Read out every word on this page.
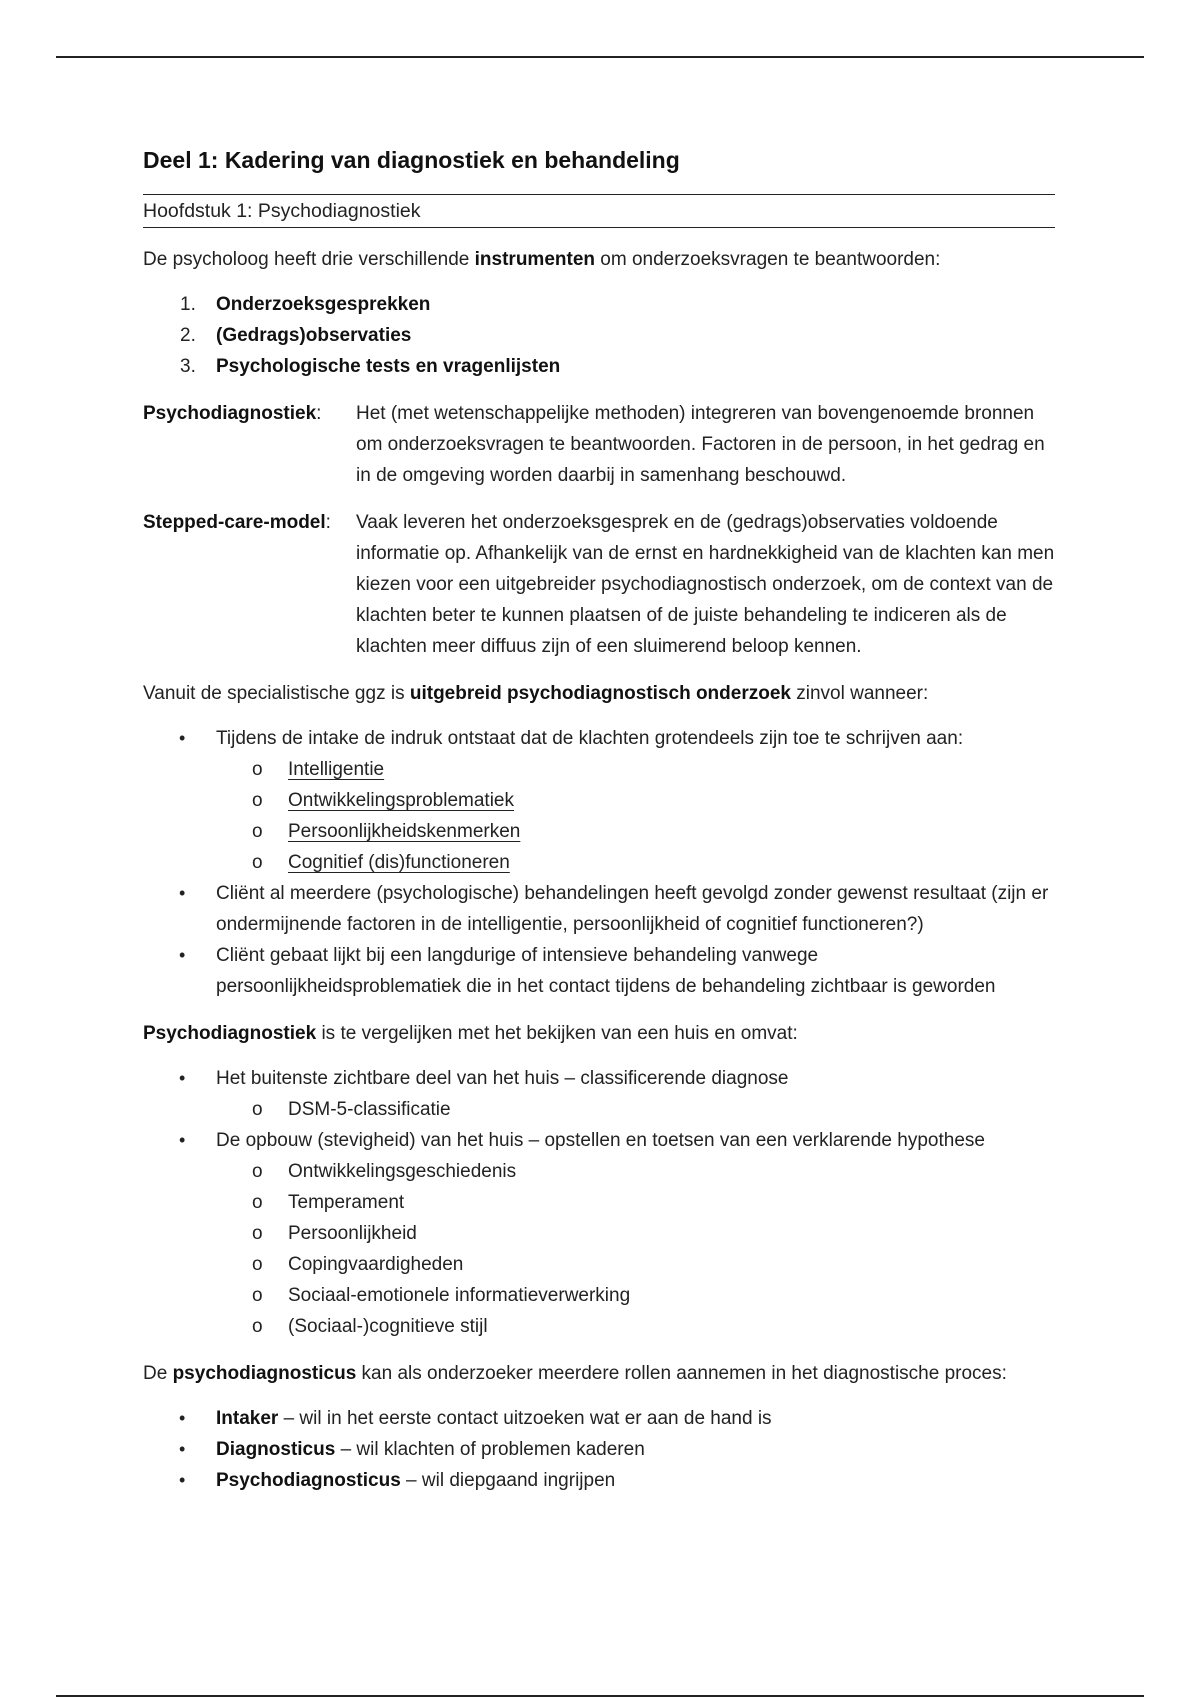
Deel 1: Kadering van diagnostiek en behandeling
Hoofdstuk 1: Psychodiagnostiek

De psycholoog heeft drie verschillende instrumenten om onderzoeksvragen te beantwoorden:

1. Onderzoeksgesprekken
2. (Gedrags)observaties
3. Psychologische tests en vragenlijsten
Psychodiagnostiek:	Het (met wetenschappelijke methoden) integreren van bovengenoemde bronnen om onderzoeksvragen te beantwoorden. Factoren in de persoon, in het gedrag en in de omgeving worden daarbij in samenhang beschouwd.
Stepped-care-model:	Vaak leveren het onderzoeksgesprek en de (gedrags)observaties voldoende informatie op. Afhankelijk van de ernst en hardnekkigheid van de klachten kan men kiezen voor een uitgebreider psychodiagnostisch onderzoek, om de context van de klachten beter te kunnen plaatsen of de juiste behandeling te indiceren als de klachten meer diffuus zijn of een sluimerend beloop kennen.

Vanuit de specialistische ggz is uitgebreid psychodiagnostisch onderzoek zinvol wanneer:

• Tijdens de intake de indruk ontstaat dat de klachten grotendeels zijn toe te schrijven aan:
o Intelligentie
o Ontwikkelingsproblematiek
o Persoonlijkheidskenmerken
o Cognitief (dis)functioneren
• Cliënt al meerdere (psychologische) behandelingen heeft gevolgd zonder gewenst resultaat (zijn er ondermijnende factoren in de intelligentie, persoonlijkheid of cognitief functioneren?)
• Cliënt gebaat lijkt bij een langdurige of intensieve behandeling vanwege persoonlijkheidsproblematiek die in het contact tijdens de behandeling zichtbaar is geworden

Psychodiagnostiek is te vergelijken met het bekijken van een huis en omvat:

• Het buitenste zichtbare deel van het huis – classificerende diagnose
o DSM-5-classificatie
• De opbouw (stevigheid) van het huis – opstellen en toetsen van een verklarende hypothese
o Ontwikkelingsgeschiedenis
o Temperament
o Persoonlijkheid
o Copingvaardigheden
o Sociaal-emotionele informatieverwerking
o (Sociaal-)cognitieve stijl

De psychodiagnosticus kan als onderzoeker meerdere rollen aannemen in het diagnostische proces:

• Intaker – wil in het eerste contact uitzoeken wat er aan de hand is
• Diagnosticus – wil klachten of problemen kaderen
• Psychodiagnosticus – wil diepgaand ingrijpen
